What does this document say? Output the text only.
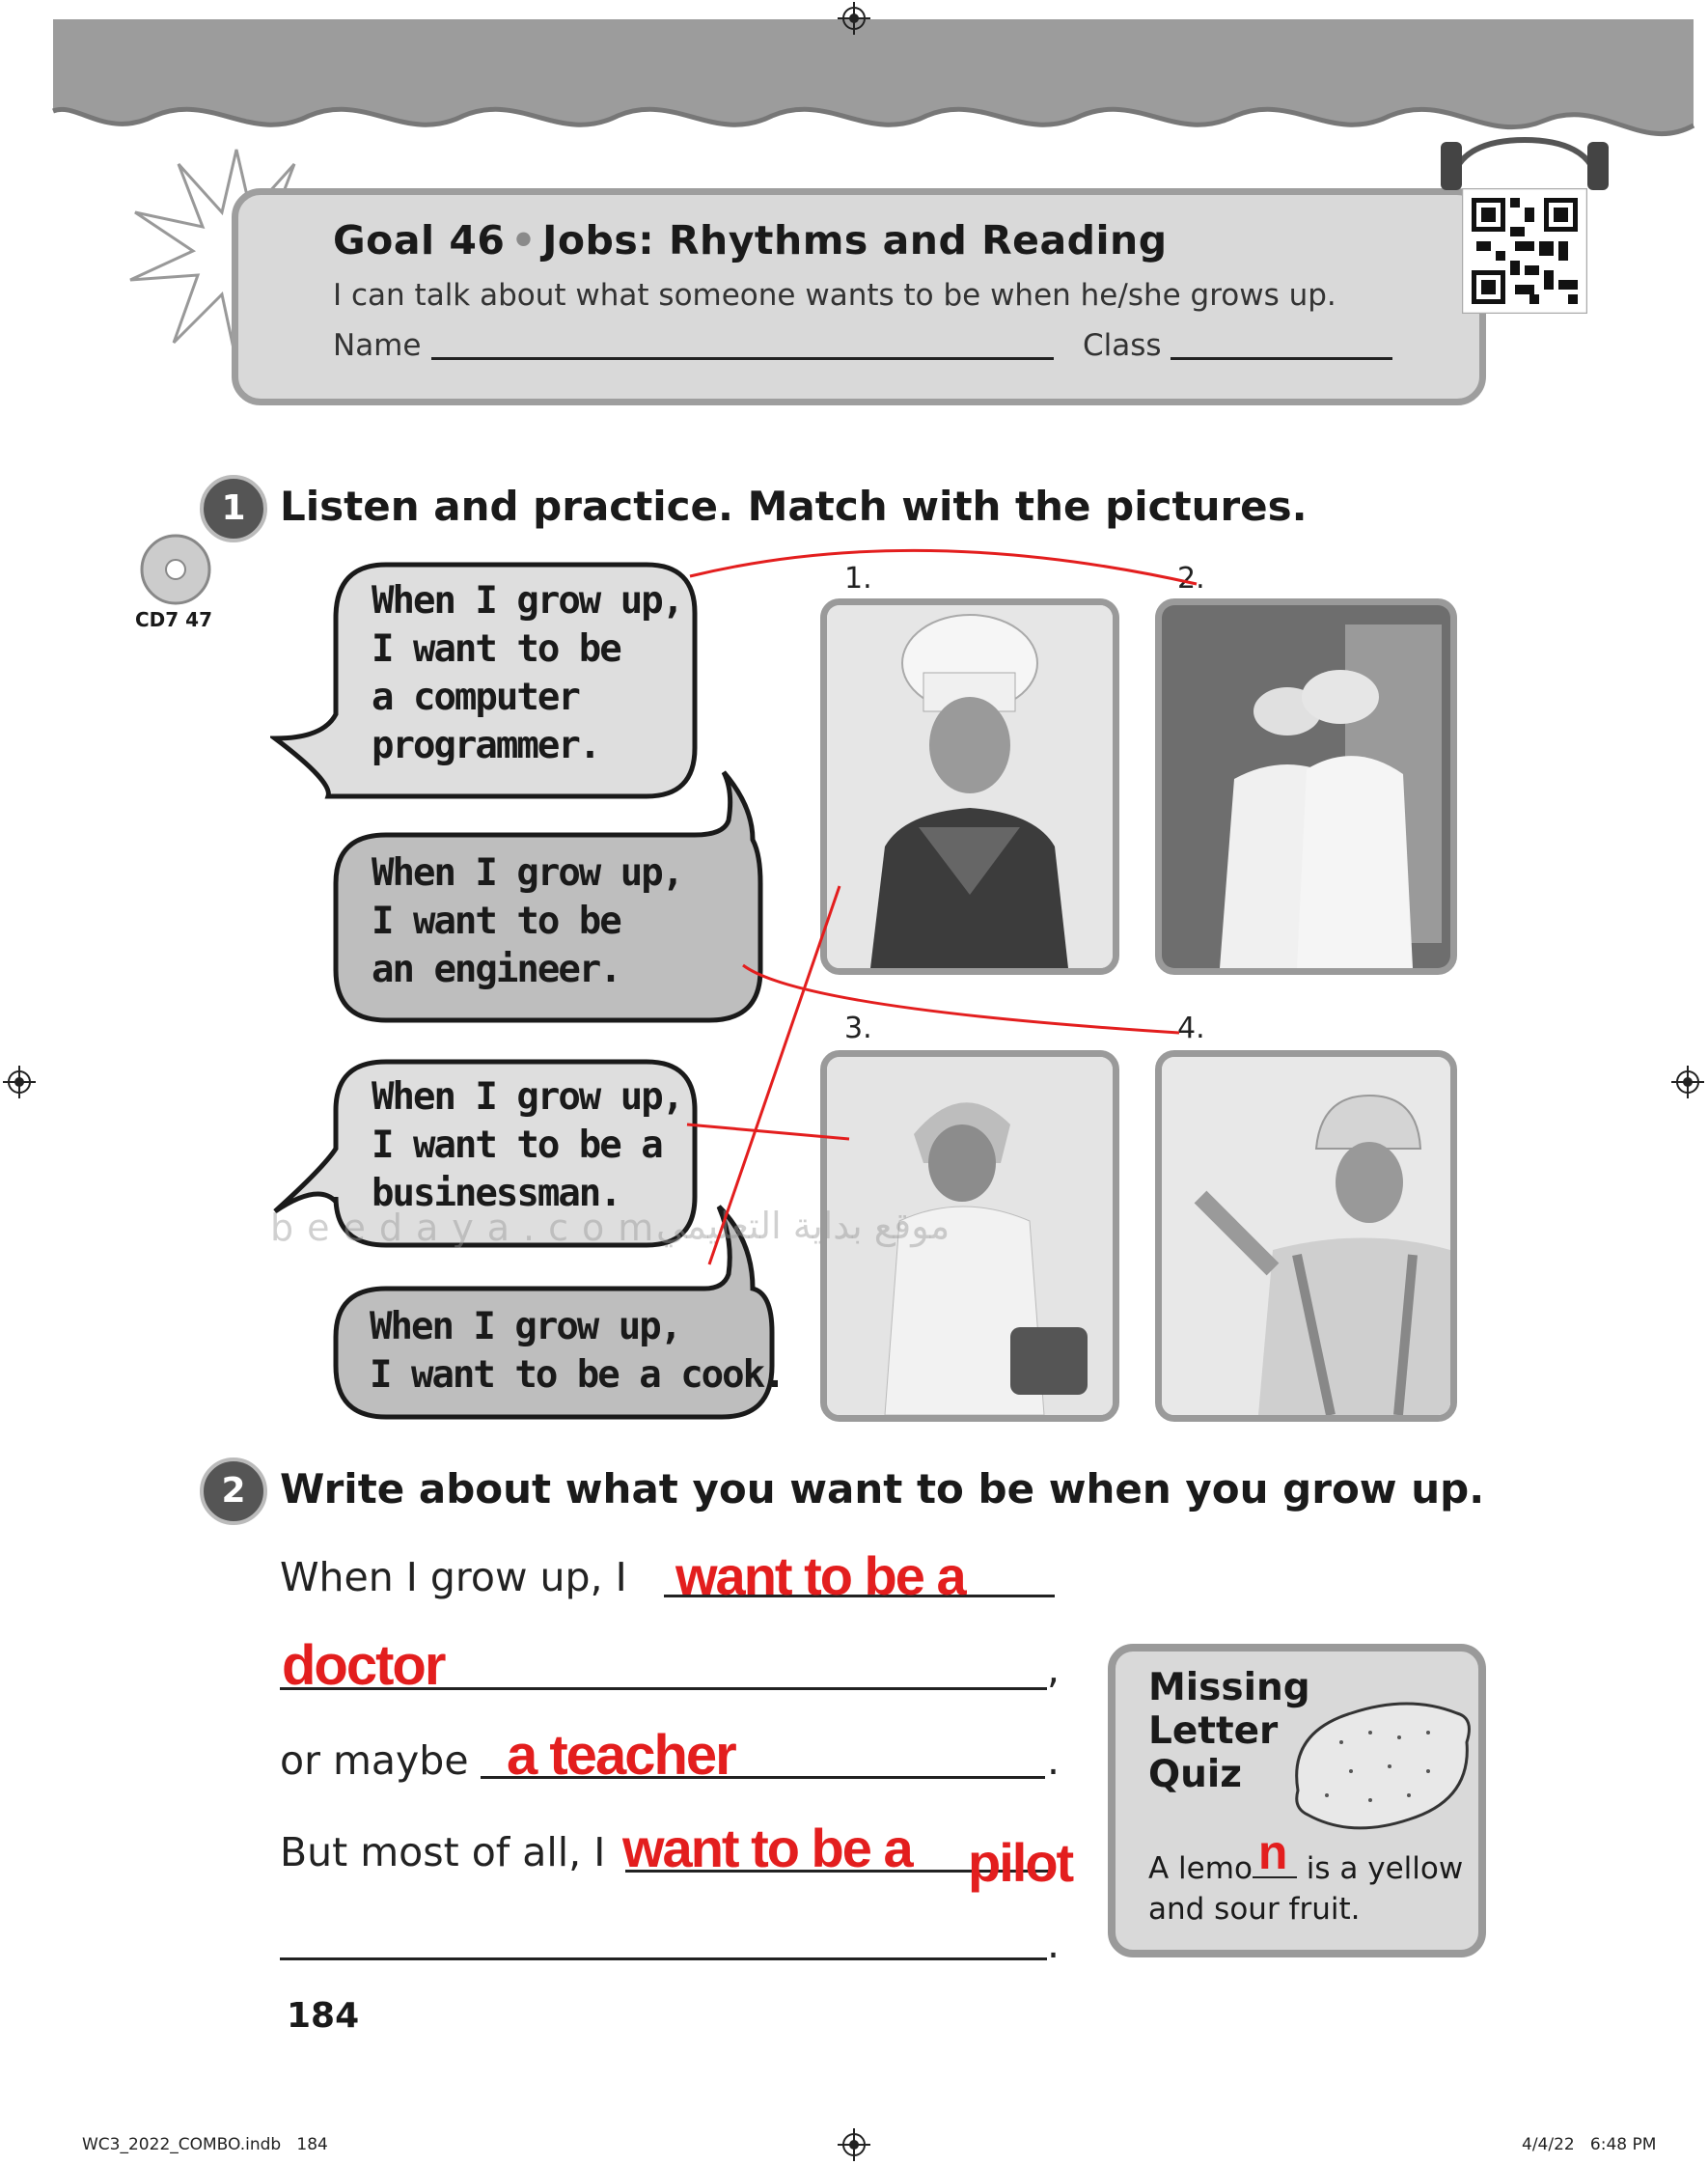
Goal 46 • Jobs: Rhythms and Reading
I can talk about what someone wants to be when he/she grows up.
Name	Class
1 Listen and practice. Match with the pictures.
CD7 47	When I grow up,
I want to be
a computer
programmer.
When I grow up,
I want to be
an engineer.
When I grow up,
I want to be a
businessman.
When I grow up,
I want to be a cook.
1.	2.
3.	4.
beedaya.com
موقع بداية التعليمي
2 Write about what you want to be when you grow up.
When I grow up, I want to be a
doctor	,
or maybe a teacher	.
But most of all, I want to be a pilot
.
Missing
Letter
Quiz
A lemo n is a yellow
and sour fruit.
184
WC3_2022_COMBO.indb   184	4/4/22   6:48 PM
